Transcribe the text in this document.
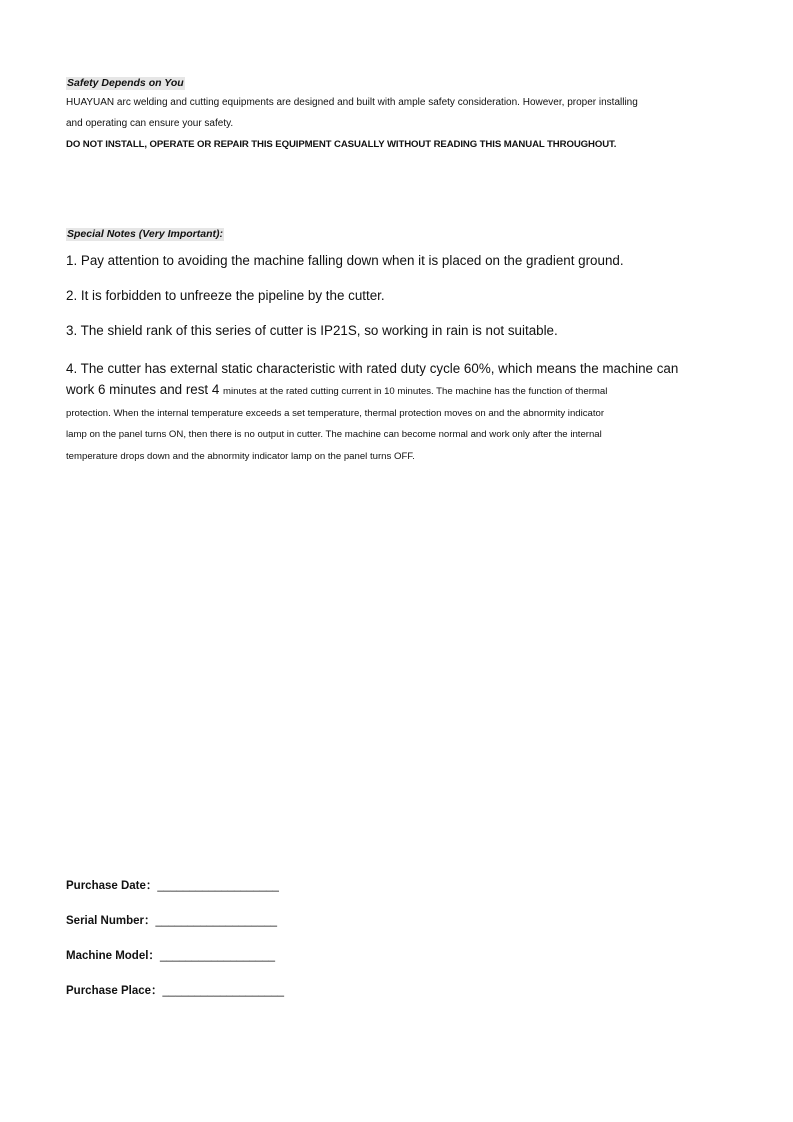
Safety Depends on You
HUAYUAN arc welding and cutting equipments are designed and built with ample safety consideration. However, proper installing
and operating can ensure your safety.
DO NOT INSTALL, OPERATE OR REPAIR THIS EQUIPMENT CASUALLY WITHOUT READING THIS MANUAL THROUGHOUT.
Special Notes (Very Important):
1. Pay attention to avoiding the machine falling down when it is placed on the gradient ground.
2. It is forbidden to unfreeze the pipeline by the cutter.
3. The shield rank of this series of cutter is IP21S, so working in rain is not suitable.
4. The cutter has external static characteristic with rated duty cycle 60%, which means the machine can
work 6 minutes and rest 4 minutes at the rated cutting current in 10 minutes. The machine has the function of thermal
protection. When the internal temperature exceeds a set temperature, thermal protection moves on and the abnormity indicator
lamp on the panel turns ON, then there is no output in cutter. The machine can become normal and work only after the internal
temperature drops down and the abnormity indicator lamp on the panel turns OFF.
Purchase Date：___________________
Serial Number：___________________
Machine Model：__________________
Purchase Place：___________________
